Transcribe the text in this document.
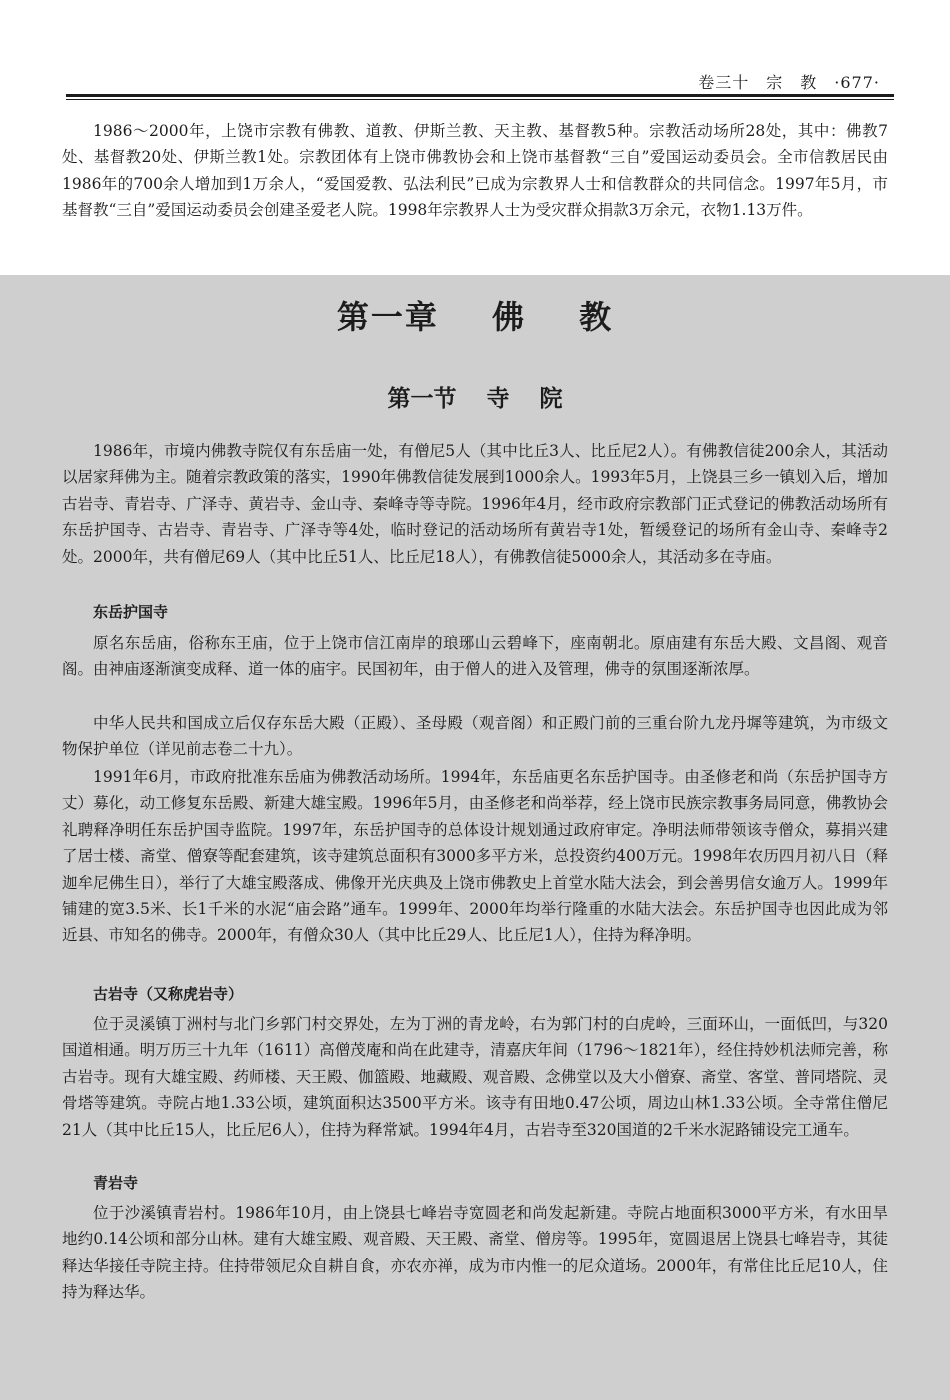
卷三十　宗　教　·677·

1986～2000年，上饶市宗教有佛教、道教、伊斯兰教、天主教、基督教5种。宗教活动场所28处，其中：佛教7处、基督教20处、伊斯兰教1处。宗教团体有上饶市佛教协会和上饶市基督教“三自”爱国运动委员会。全市信教居民由1986年的700余人增加到1万余人，“爱国爱教、弘法利民”已成为宗教界人士和信教群众的共同信念。1997年5月，市基督教“三自”爱国运动委员会创建圣爱老人院。1998年宗教界人士为受灾群众捐款3万余元，衣物1.13万件。

第一章 佛 教
第一节 寺 院

1986年，市境内佛教寺院仅有东岳庙一处，有僧尼5人（其中比丘3人、比丘尼2人）。有佛教信徒200余人，其活动以居家拜佛为主。随着宗教政策的落实，1990年佛教信徒发展到1000余人。1993年5月，上饶县三乡一镇划入后，增加古岩寺、青岩寺、广泽寺、黄岩寺、金山寺、秦峰寺等寺院。1996年4月，经市政府宗教部门正式登记的佛教活动场所有东岳护国寺、古岩寺、青岩寺、广泽寺等4处，临时登记的活动场所有黄岩寺1处，暂缓登记的场所有金山寺、秦峰寺2处。2000年，共有僧尼69人（其中比丘51人、比丘尼18人），有佛教信徒5000余人，其活动多在寺庙。

东岳护国寺

原名东岳庙，俗称东王庙，位于上饶市信江南岸的琅琊山云碧峰下，座南朝北。原庙建有东岳大殿、文昌阁、观音阁。由神庙逐渐演变成释、道一体的庙宇。民国初年，由于僧人的进入及管理，佛寺的氛围逐渐浓厚。

中华人民共和国成立后仅存东岳大殿（正殿）、圣母殿（观音阁）和正殿门前的三重台阶九龙丹墀等建筑，为市级文物保护单位（详见前志卷二十九）。

1991年6月，市政府批准东岳庙为佛教活动场所。1994年，东岳庙更名东岳护国寺。由圣修老和尚（东岳护国寺方丈）募化，动工修复东岳殿、新建大雄宝殿。1996年5月，由圣修老和尚举荐，经上饶市民族宗教事务局同意，佛教协会礼聘释净明任东岳护国寺监院。1997年，东岳护国寺的总体设计规划通过政府审定。净明法师带领该寺僧众，募捐兴建了居士楼、斋堂、僧寮等配套建筑，该寺建筑总面积有3000多平方米，总投资约400万元。1998年农历四月初八日（释迦牟尼佛生日），举行了大雄宝殿落成、佛像开光庆典及上饶市佛教史上首堂水陆大法会，到会善男信女逾万人。1999年铺建的宽3.5米、长1千米的水泥“庙会路”通车。1999年、2000年均举行隆重的水陆大法会。东岳护国寺也因此成为邻近县、市知名的佛寺。2000年，有僧众30人（其中比丘29人、比丘尼1人），住持为释净明。

古岩寺（又称虎岩寺）

位于灵溪镇丁洲村与北门乡郭门村交界处，左为丁洲的青龙岭，右为郭门村的白虎岭，三面环山，一面低凹，与320国道相通。明万历三十九年（1611）高僧茂庵和尚在此建寺，清嘉庆年间（1796～1821年），经住持妙机法师完善，称古岩寺。现有大雄宝殿、药师楼、天王殿、伽篮殿、地藏殿、观音殿、念佛堂以及大小僧寮、斋堂、客堂、普同塔院、灵骨塔等建筑。寺院占地1.33公顷，建筑面积达3500平方米。该寺有田地0.47公顷，周边山林1.33公顷。全寺常住僧尼21人（其中比丘15人，比丘尼6人），住持为释常斌。1994年4月，古岩寺至320国道的2千米水泥路铺设完工通车。

青岩寺

位于沙溪镇青岩村。1986年10月，由上饶县七峰岩寺宽圆老和尚发起新建。寺院占地面积3000平方米，有水田旱地约0.14公顷和部分山林。建有大雄宝殿、观音殿、天王殿、斋堂、僧房等。1995年，宽圆退居上饶县七峰岩寺，其徒释达华接任寺院主持。住持带领尼众自耕自食，亦农亦禅，成为市内惟一的尼众道场。2000年，有常住比丘尼10人，住持为释达华。
